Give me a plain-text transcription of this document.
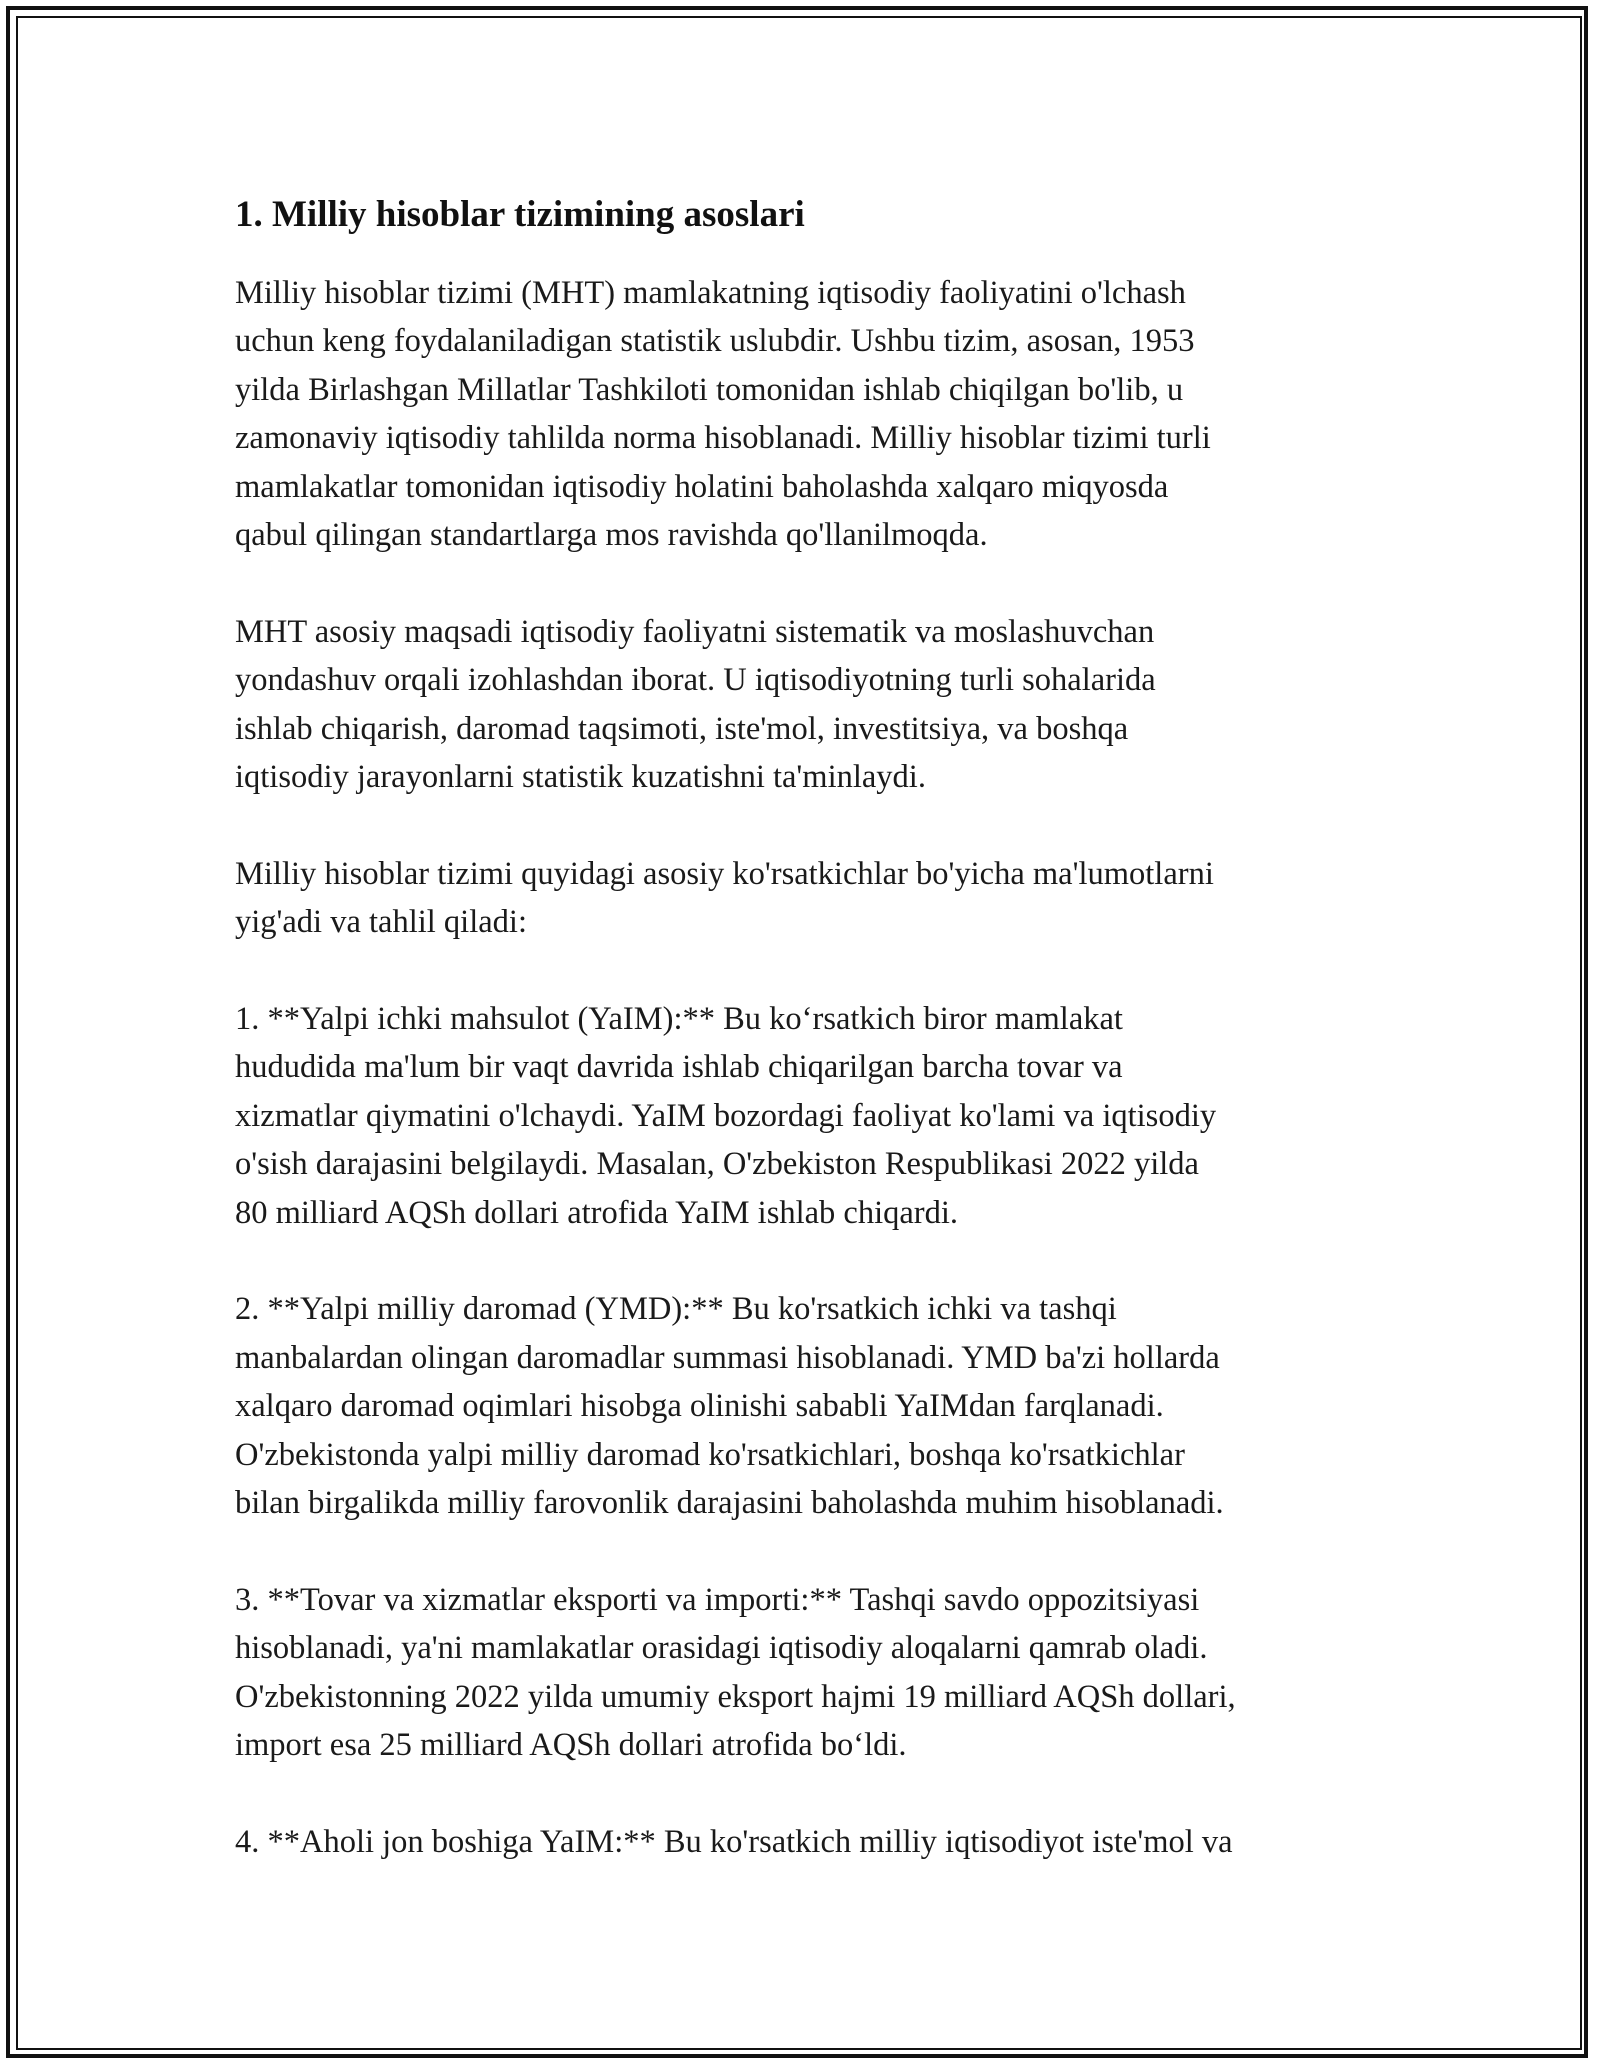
1. Milliy hisoblar tizimining asoslari

Milliy hisoblar tizimi (MHT) mamlakatning iqtisodiy faoliyatini o'lchash
uchun keng foydalaniladigan statistik uslubdir. Ushbu tizim, asosan, 1953
yilda Birlashgan Millatlar Tashkiloti tomonidan ishlab chiqilgan bo'lib, u
zamonaviy iqtisodiy tahlilda norma hisoblanadi. Milliy hisoblar tizimi turli
mamlakatlar tomonidan iqtisodiy holatini baholashda xalqaro miqyosda
qabul qilingan standartlarga mos ravishda qo'llanilmoqda.

MHT asosiy maqsadi iqtisodiy faoliyatni sistematik va moslashuvchan
yondashuv orqali izohlashdan iborat. U iqtisodiyotning turli sohalarida
ishlab chiqarish, daromad taqsimoti, iste'mol, investitsiya, va boshqa
iqtisodiy jarayonlarni statistik kuzatishni ta'minlaydi.

Milliy hisoblar tizimi quyidagi asosiy ko'rsatkichlar bo'yicha ma'lumotlarni
yig'adi va tahlil qiladi:

1. **Yalpi ichki mahsulot (YaIM):** Bu ko‘rsatkich biror mamlakat
hududida ma'lum bir vaqt davrida ishlab chiqarilgan barcha tovar va
xizmatlar qiymatini o'lchaydi. YaIM bozordagi faoliyat ko'lami va iqtisodiy
o'sish darajasini belgilaydi. Masalan, O'zbekiston Respublikasi 2022 yilda
80 milliard AQSh dollari atrofida YaIM ishlab chiqardi.

2. **Yalpi milliy daromad (YMD):** Bu ko'rsatkich ichki va tashqi
manbalardan olingan daromadlar summasi hisoblanadi. YMD ba'zi hollarda
xalqaro daromad oqimlari hisobga olinishi sababli YaIMdan farqlanadi.
O'zbekistonda yalpi milliy daromad ko'rsatkichlari, boshqa ko'rsatkichlar
bilan birgalikda milliy farovonlik darajasini baholashda muhim hisoblanadi.

3. **Tovar va xizmatlar eksporti va importi:** Tashqi savdo oppozitsiyasi
hisoblanadi, ya'ni mamlakatlar orasidagi iqtisodiy aloqalarni qamrab oladi.
O'zbekistonning 2022 yilda umumiy eksport hajmi 19 milliard AQSh dollari,
import esa 25 milliard AQSh dollari atrofida bo‘ldi.

4. **Aholi jon boshiga YaIM:** Bu ko'rsatkich milliy iqtisodiyot iste'mol va
